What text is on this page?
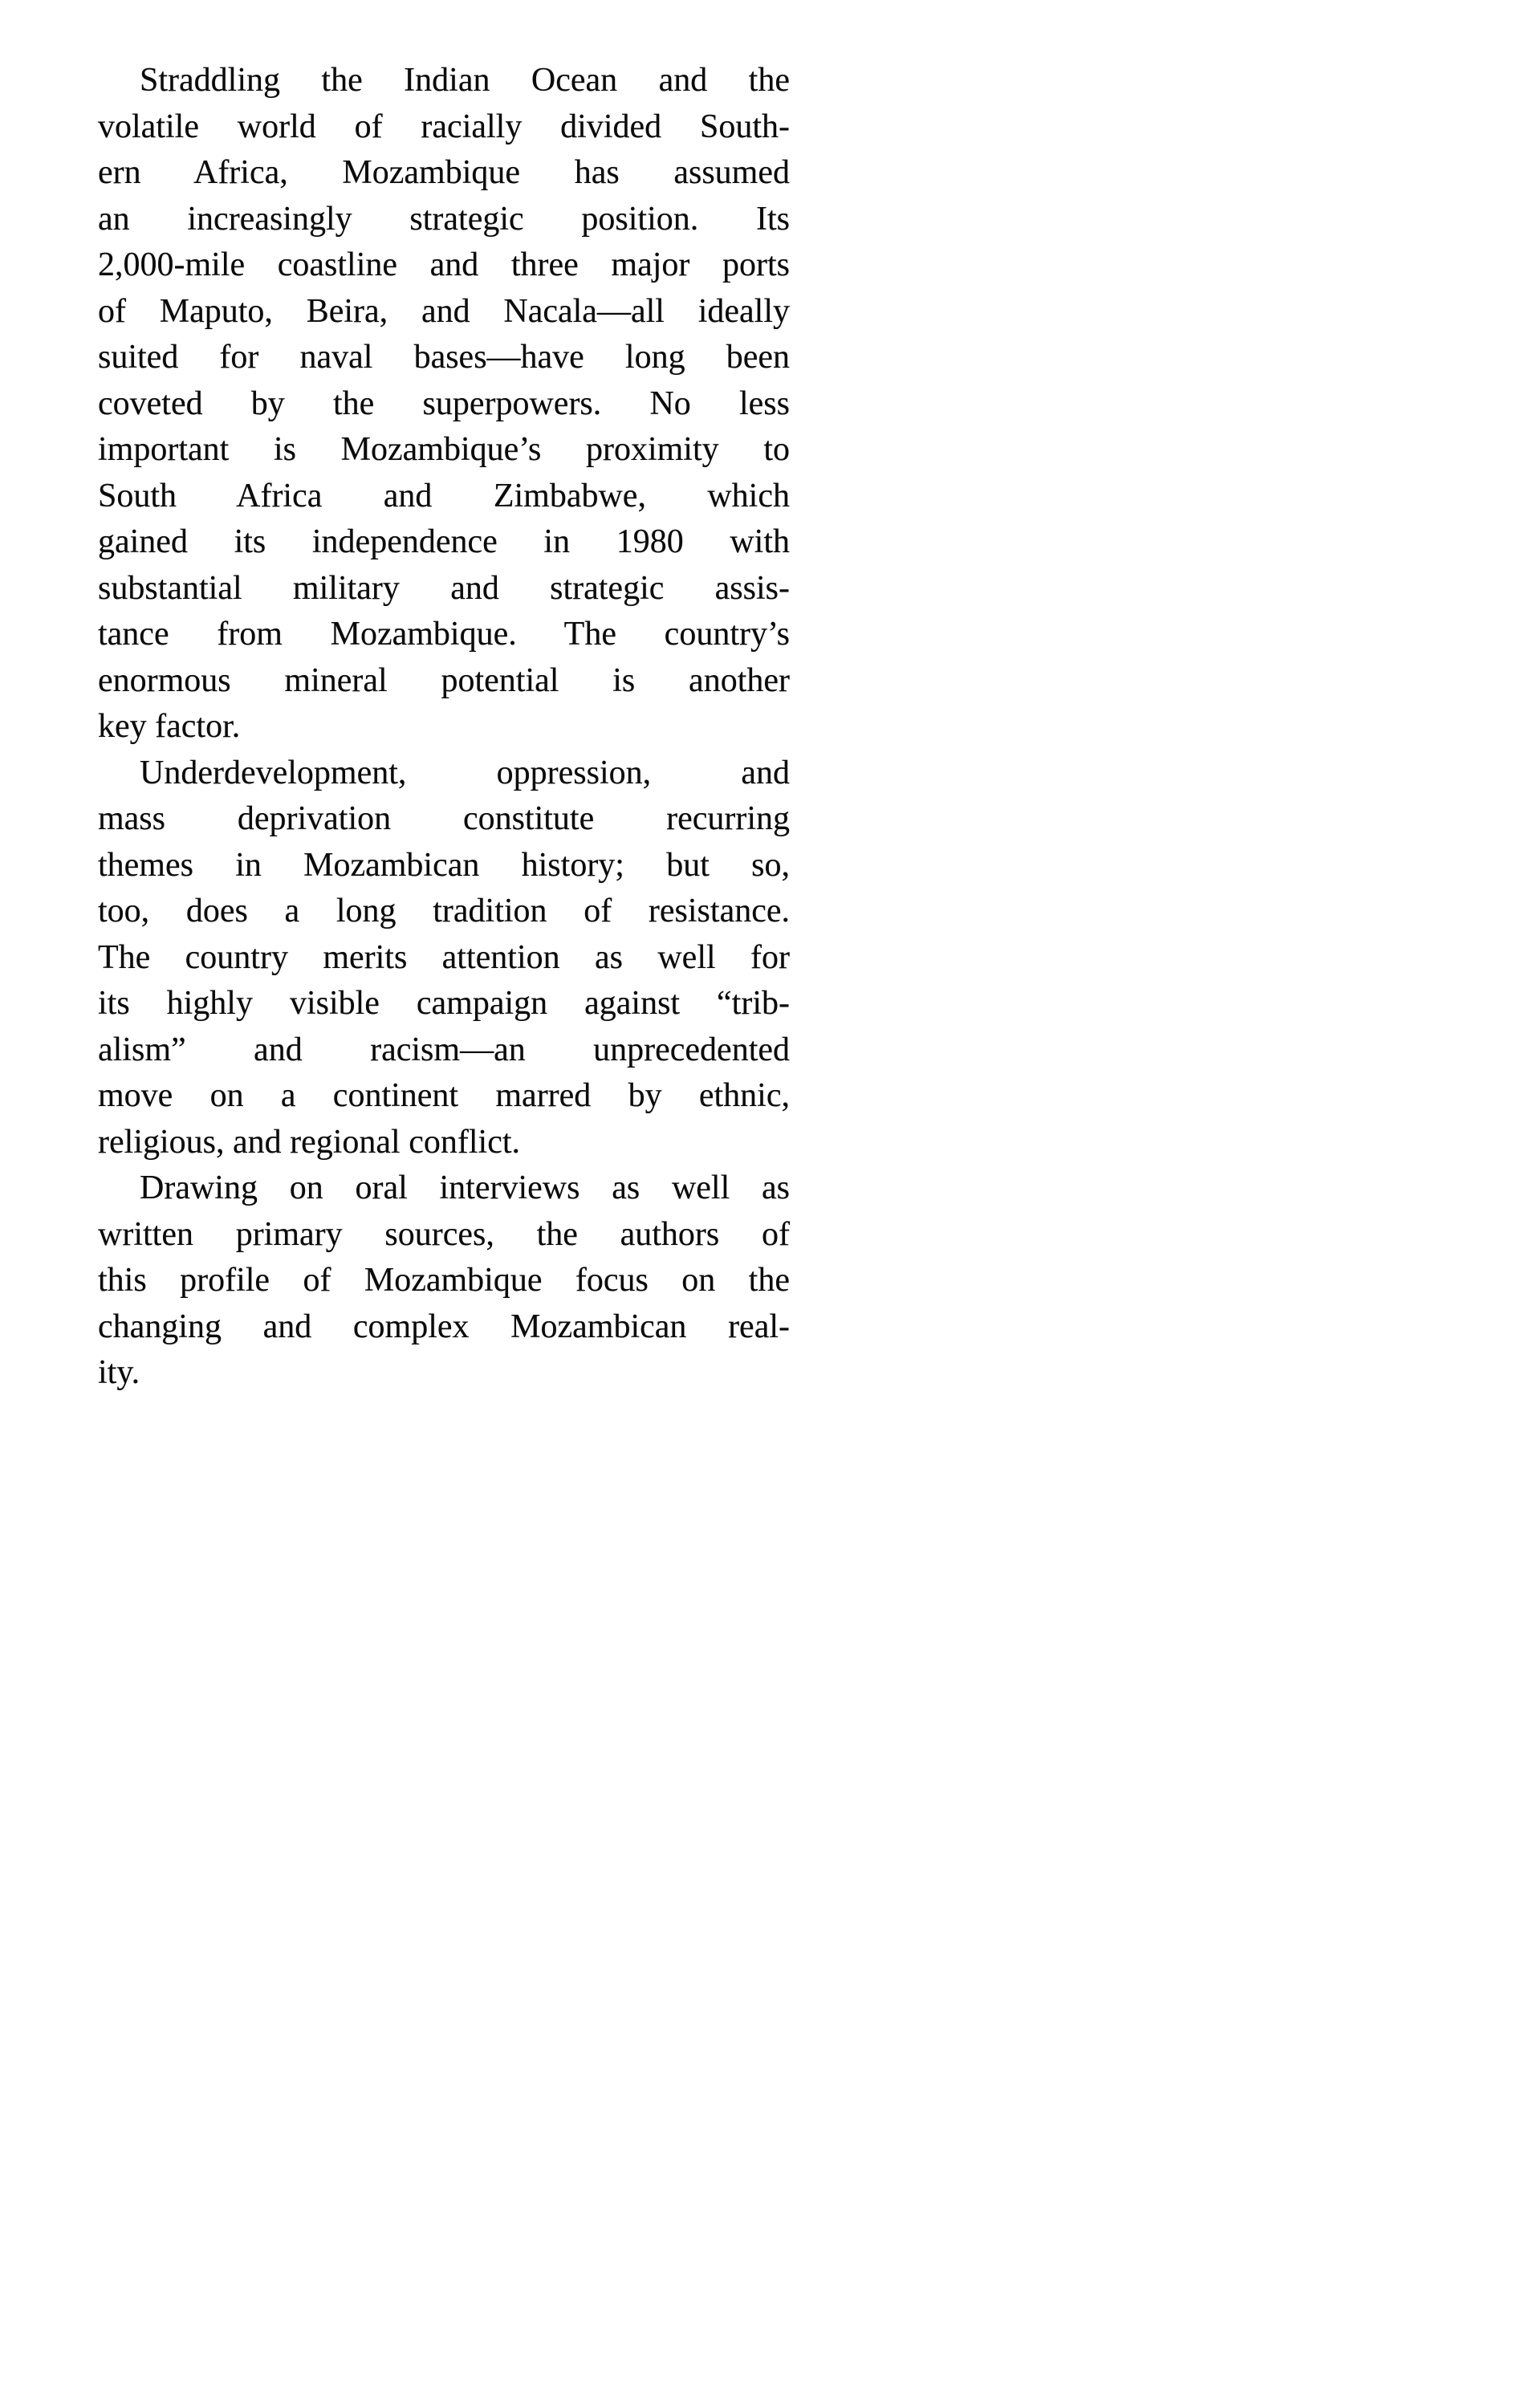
Straddling the Indian Ocean and the
volatile world of racially divided South-
ern Africa, Mozambique has assumed
an increasingly strategic position. Its
2,000-mile coastline and three major ports
of Maputo, Beira, and Nacala—all ideally
suited for naval bases—have long been
coveted by the superpowers. No less
important is Mozambique’s proximity to
South Africa and Zimbabwe, which
gained its independence in 1980 with
substantial military and strategic assis-
tance from Mozambique. The country’s
enormous mineral potential is another
key factor.
Underdevelopment, oppression, and
mass deprivation constitute recurring
themes in Mozambican history; but so,
too, does a long tradition of resistance.
The country merits attention as well for
its highly visible campaign against “trib-
alism” and racism—an unprecedented
move on a continent marred by ethnic,
religious, and regional conflict.
Drawing on oral interviews as well as
written primary sources, the authors of
this profile of Mozambique focus on the
changing and complex Mozambican real-
ity.
